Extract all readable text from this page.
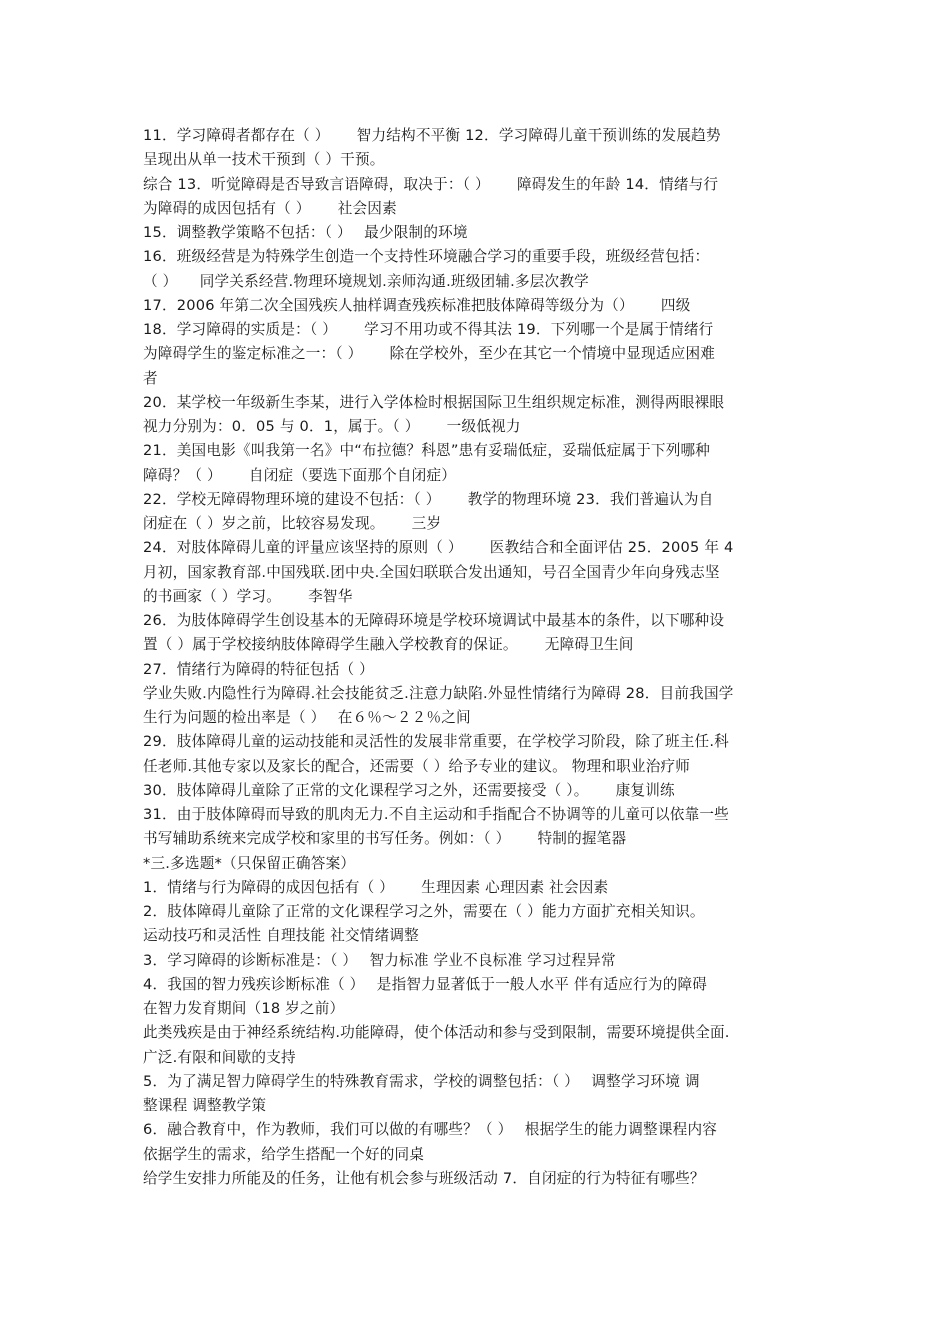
11．学习障碍者都存在（ ）　　 智力结构不平衡 12．学习障碍儿童干预训练的发展趋势
呈现出从单一技术干预到（ ）干预。
综合 13．听觉障碍是否导致言语障碍，取决于：（ ）　　 障碍发生的年龄 14．情绪与行
为障碍的成因包括有（ ）　　 社会因素
15．调整教学策略不包括：（ ）　 最少限制的环境
16．班级经营是为特殊学生创造一个支持性环境融合学习的重要手段，班级经营包括：
（ ）　　同学关系经营.物理环境规划.亲师沟通.班级团辅.多层次教学
17．2006 年第二次全国残疾人抽样调查残疾标准把肢体障碍等级分为（）　　 四级
18．学习障碍的实质是：（ ）　　 学习不用功或不得其法 19．下列哪一个是属于情绪行
为障碍学生的鉴定标准之一：（ ）　　 除在学校外，至少在其它一个情境中显现适应困难
者
20．某学校一年级新生李某，进行入学体检时根据国际卫生组织规定标准，测得两眼裸眼
视力分别为：0．05 与 0．1，属于。（ ）　　 一级低视力
21．美国电影《叫我第一名》中“布拉德？科恩”患有妥瑞低症，妥瑞低症属于下列哪种
障碍？（ ）　　 自闭症（要选下面那个自闭症）
22．学校无障碍物理环境的建设不包括：（ ）　　 教学的物理环境 23．我们普遍认为自
闭症在（ ）岁之前，比较容易发现。　　 三岁
24．对肢体障碍儿童的评量应该坚持的原则（ ）　　 医教结合和全面评估 25．2005 年 4
月初，国家教育部.中国残联.团中央.全国妇联联合发出通知，号召全国青少年向身残志坚
的书画家（ ）学习。　　 李智华
26．为肢体障碍学生创设基本的无障碍环境是学校环境调试中最基本的条件，以下哪种设
置（ ）属于学校接纳肢体障碍学生融入学校教育的保证。　　 无障碍卫生间
27．情绪行为障碍的特征包括（ ）
学业失败.内隐性行为障碍.社会技能贫乏.注意力缺陷.外显性情绪行为障碍 28．目前我国学
生行为问题的检出率是（ ）　 在６％～２２％之间
29．肢体障碍儿童的运动技能和灵活性的发展非常重要，在学校学习阶段，除了班主任.科
任老师.其他专家以及家长的配合，还需要（ ）给予专业的建议。 物理和职业治疗师
30．肢体障碍儿童除了正常的文化课程学习之外，还需要接受（ ）。　　 康复训练
31．由于肢体障碍而导致的肌肉无力.不自主运动和手指配合不协调等的儿童可以依靠一些
书写辅助系统来完成学校和家里的书写任务。例如：（ ）　　 特制的握笔器
*三.多选题*（只保留正确答案）
1．情绪与行为障碍的成因包括有（ ）　　 生理因素 心理因素 社会因素
2．肢体障碍儿童除了正常的文化课程学习之外，需要在（ ）能力方面扩充相关知识。
运动技巧和灵活性 自理技能 社交情绪调整
3．学习障碍的诊断标准是：（ ）　 智力标准 学业不良标准 学习过程异常
4．我国的智力残疾诊断标准（ ）　 是指智力显著低于一般人水平 伴有适应行为的障碍
在智力发育期间（18 岁之前）
此类残疾是由于神经系统结构.功能障碍，使个体活动和参与受到限制，需要环境提供全面.
广泛.有限和间歇的支持
5．为了满足智力障碍学生的特殊教育需求，学校的调整包括：（ ）　 调整学习环境 调
整课程 调整教学策
6．融合教育中，作为教师，我们可以做的有哪些？（ ）　 根据学生的能力调整课程内容
依据学生的需求，给学生搭配一个好的同桌
给学生安排力所能及的任务，让他有机会参与班级活动 7．自闭症的行为特征有哪些？
